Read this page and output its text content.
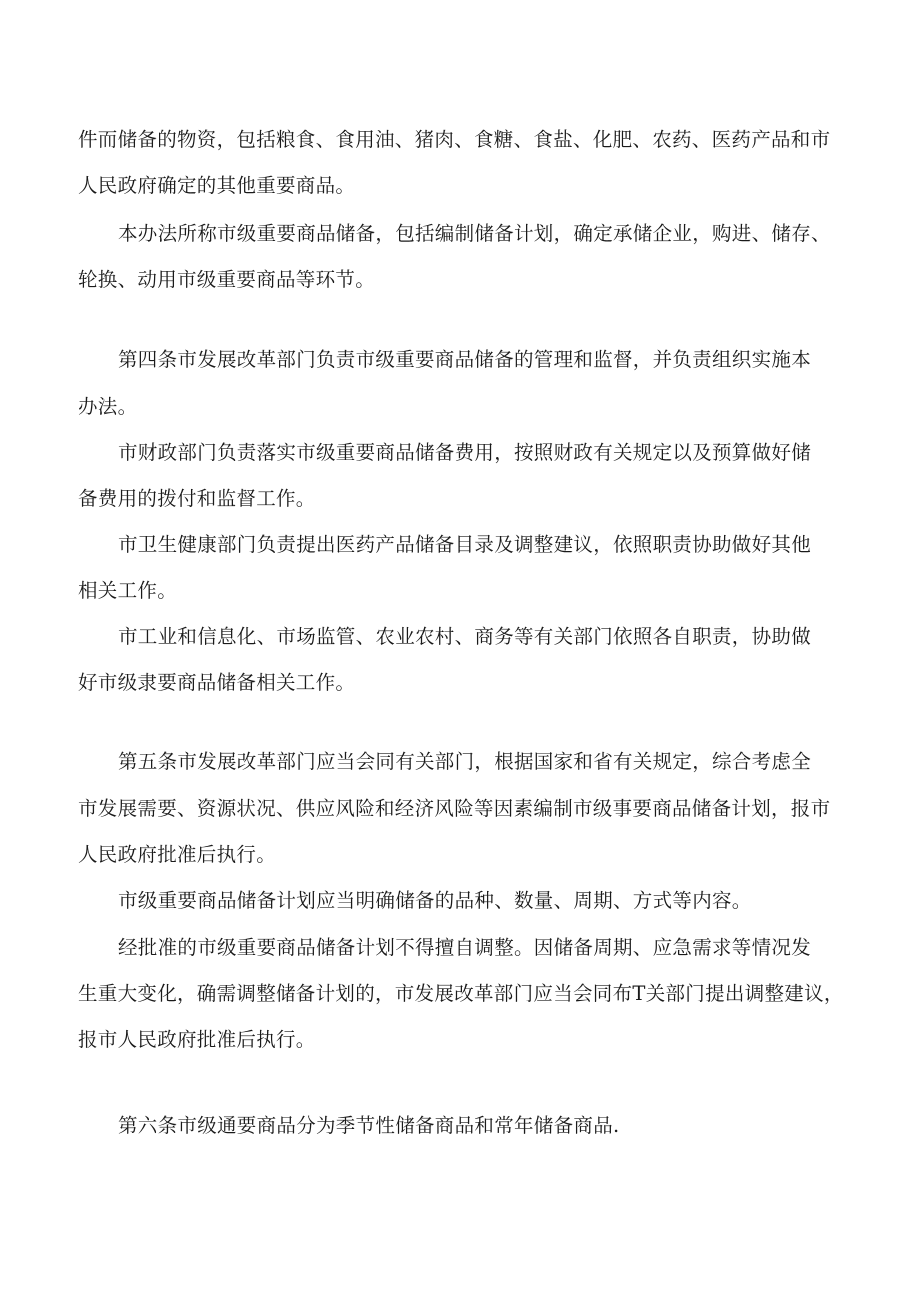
件而储备的物资，包括粮食、食用油、猪肉、食糖、食盐、化肥、农药、医药产品和市
人民政府确定的其他重要商品。
本办法所称市级重要商品储备，包括编制储备计划，确定承储企业，购进、储存、
轮换、动用市级重要商品等环节。
第四条市发展改革部门负责市级重要商品储备的管理和监督，并负责组织实施本
办法。
市财政部门负责落实市级重要商品储备费用，按照财政有关规定以及预算做好储
备费用的拨付和监督工作。
市卫生健康部门负责提出医药产品储备目录及调整建议，依照职责协助做好其他
相关工作。
市工业和信息化、市场监管、农业农村、商务等有关部门依照各自职责，协助做
好市级隶要商品储备相关工作。
第五条市发展改革部门应当会同有关部门，根据国家和省有关规定，综合考虑全
市发展需要、资源状况、供应风险和经济风险等因素编制市级事要商品储备计划，报市
人民政府批准后执行。
市级重要商品储备计划应当明确储备的品种、数量、周期、方式等内容。
经批准的市级重要商品储备计划不得擅自调整。因储备周期、应急需求等情况发
生重大变化，确需调整储备计划的，市发展改革部门应当会同布T关部门提出调整建议，
报市人民政府批准后执行。
第六条市级通要商品分为季节性储备商品和常年储备商品.
